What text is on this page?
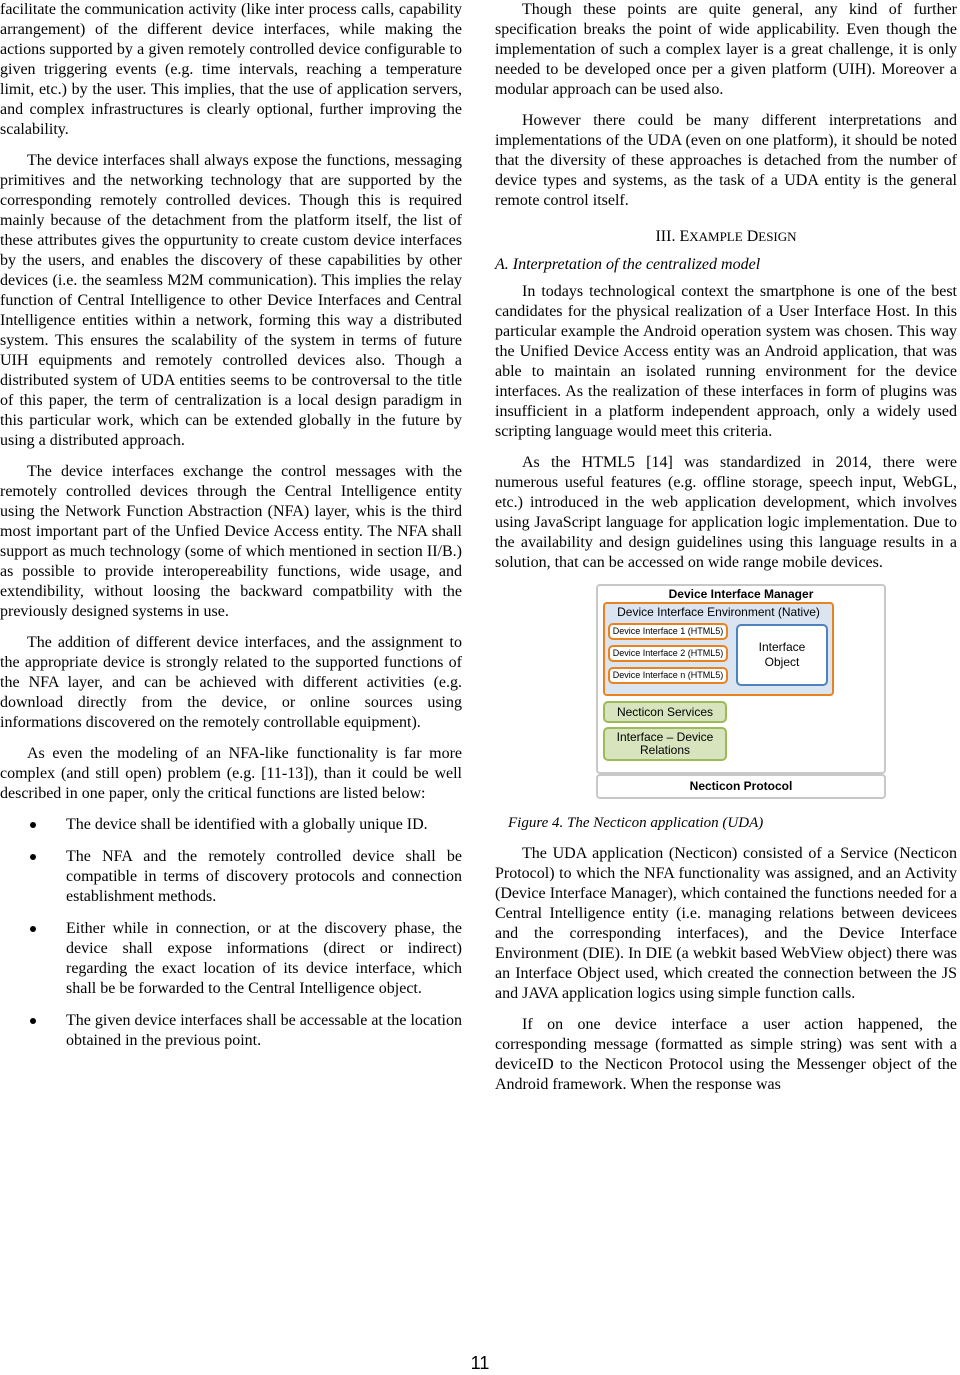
facilitate the communication activity (like inter process calls, capability arrangement) of the different device interfaces, while making the actions supported by a given remotely controlled device configurable to given triggering events (e.g. time intervals, reaching a temperature limit, etc.) by the user. This implies, that the use of application servers, and complex infrastructures is clearly optional, further improving the scalability.

The device interfaces shall always expose the functions, messaging primitives and the networking technology that are supported by the corresponding remotely controlled devices. Though this is required mainly because of the detachment from the platform itself, the list of these attributes gives the oppurtunity to create custom device interfaces by the users, and enables the discovery of these capabilities by other devices (i.e. the seamless M2M communication). This implies the relay function of Central Intelligence to other Device Interfaces and Central Intelligence entities within a network, forming this way a distributed system. This ensures the scalability of the system in terms of future UIH equipments and remotely controlled devices also. Though a distributed system of UDA entities seems to be controversal to the title of this paper, the term of centralization is a local design paradigm in this particular work, which can be extended globally in the future by using a distributed approach.

The device interfaces exchange the control messages with the remotely controlled devices through the Central Intelligence entity using the Network Function Abstraction (NFA) layer, whis is the third most important part of the Unfied Device Access entity. The NFA shall support as much technology (some of which mentioned in section II/B.) as possible to provide interopereability functions, wide usage, and extendibility, without loosing the backward compatbility with the previously designed systems in use.

The addition of different device interfaces, and the assignment to the appropriate device is strongly related to the supported functions of the NFA layer, and can be achieved with different activities (e.g. download directly from the device, or online sources using informations discovered on the remotely controllable equipment).

As even the modeling of an NFA-like functionality is far more complex (and still open) problem (e.g. [11-13]), than it could be well described in one paper, only the critical functions are listed below:

The device shall be identified with a globally unique ID.
The NFA and the remotely controlled device shall be compatible in terms of discovery protocols and connection establishment methods.
Either while in connection, or at the discovery phase, the device shall expose informations (direct or indirect) regarding the exact location of its device interface, which shall be be forwarded to the Central Intelligence object.
The given device interfaces shall be accessable at the location obtained in the previous point.

Though these points are quite general, any kind of further specification breaks the point of wide applicability. Even though the implementation of such a complex layer is a great challenge, it is only needed to be developed once per a given platform (UIH). Moreover a modular approach can be used also.

However there could be many different interpretations and implementations of the UDA (even on one platform), it should be noted that the diversity of these approaches is detached from the number of device types and systems, as the task of a UDA entity is the general remote control itself.

III. EXAMPLE DESIGN
A. Interpretation of the centralized model

In todays technological context the smartphone is one of the best candidates for the physical realization of a User Interface Host. In this particular example the Android operation system was chosen. This way the Unified Device Access entity was an Android application, that was able to maintain an isolated running environment for the device interfaces. As the realization of these interfaces in form of plugins was insufficient in a platform independent approach, only a widely used scripting language would meet this criteria.

As the HTML5 [14] was standardized in 2014, there were numerous useful features (e.g. offline storage, speech input, WebGL, etc.) introduced in the web application development, which involves using JavaScript language for application logic implementation. Due to the availability and design guidelines using this language results in a solution, that can be accessed on wide range mobile devices.

Device Interface Manager
Device Interface Environment (Native)
Device Interface 1 (HTML5)
Device Interface 2 (HTML5)
Device Interface n (HTML5)
Interface Object
Necticon Services
Interface – Device Relations
Necticon Protocol
Figure 4. The Necticon application (UDA)

The UDA application (Necticon) consisted of a Service (Necticon Protocol) to which the NFA functionality was assigned, and an Activity (Device Interface Manager), which contained the functions needed for a Central Intelligence entity (i.e. managing relations between devicees and the corresponding interfaces), and the Device Interface Environment (DIE). In DIE (a webkit based WebView object) there was an Interface Object used, which created the connection between the JS and JAVA application logics using simple function calls.

If on one device interface a user action happened, the corresponding message (formatted as simple string) was sent with a deviceID to the Necticon Protocol using the Messenger object of the Android framework. When the response was

11
